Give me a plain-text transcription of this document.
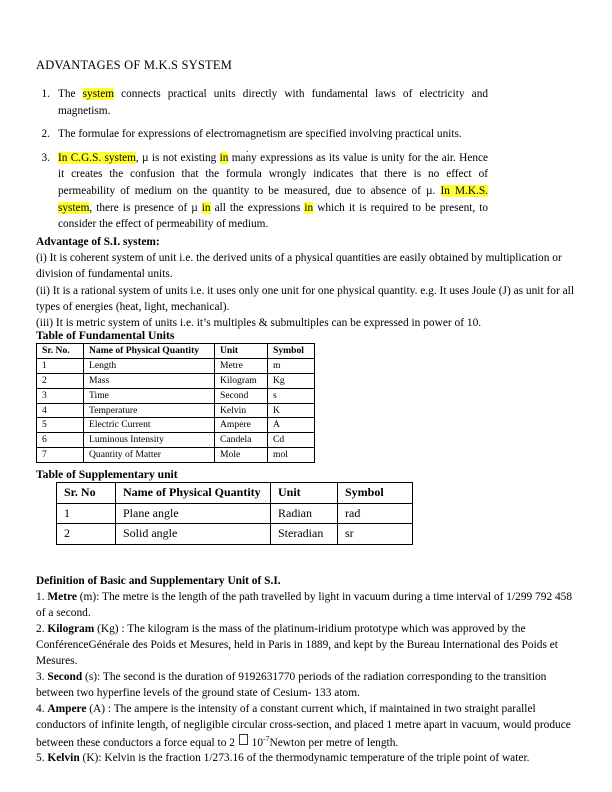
ADVANTAGES OF M.K.S SYSTEM
1. The system connects practical units directly with fundamental laws of electricity and magnetism.
2. The formulae for expressions of electromagnetism are specified involving practical units.
3. In C.G.S. system, µ is not existing in many expressions as its value is unity for the air. Hence it creates the confusion that the formula wrongly indicates that there is no effect of permeability of medium on the quantity to be measured, due to absence of µ. In M.K.S. system, there is presence of µ in all the expressions in which it is required to be present, to consider the effect of permeability of medium.
.

Advantage of S.I. system:

(i) It is coherent system of unit i.e. the derived units of a physical quantities are easily obtained by multiplication or division of fundamental units.

(ii) It is a rational system of units i.e. it uses only one unit for one physical quantity. e.g. It uses Joule (J) as unit for all types of energies (heat, light, mechanical).

(iii) It is metric system of units i.e. it’s multiples & submultiples can be expressed in power of 10.

Table of Fundamental Units
Sr. No.	Name of Physical Quantity	Unit	Symbol
1	Length	Metre	m
2	Mass	Kilogram	Kg
3	Time	Second	s
4	Temperature	Kelvin	K
5	Electric Current	Ampere	A
6	Luminous Intensity	Candela	Cd
7	Quantity of Matter	Mole	mol
Table of Supplementary unit
Sr. No	Name of Physical Quantity	Unit	Symbol
1	Plane angle	Radian	rad
2	Solid angle	Steradian	sr

Definition of Basic and Supplementary Unit of S.I.

1. Metre (m): The metre is the length of the path travelled by light in vacuum during a time interval of 1/299 792 458 of a second.

2. Kilogram (Kg) : The kilogram is the mass of the platinum-iridium prototype which was approved by the ConférenceGénérale des Poids et Mesures, held in Paris in 1889, and kept by the Bureau International des Poids et Mesures.

3. Second (s): The second is the duration of 9192631770 periods of the radiation corresponding to the transition between two hyperfine levels of the ground state of Cesium- 133 atom.

4. Ampere (A) : The ampere is the intensity of a constant current which, if maintained in two straight parallel conductors of infinite length, of negligible circular cross-section, and placed 1 metre apart in vacuum, would produce between these conductors a force equal to 2  $10^{-7}Newton$ per metre of length.

5. Kelvin (K): Kelvin is the fraction 1/273.16 of the thermodynamic temperature of the triple point of water.
